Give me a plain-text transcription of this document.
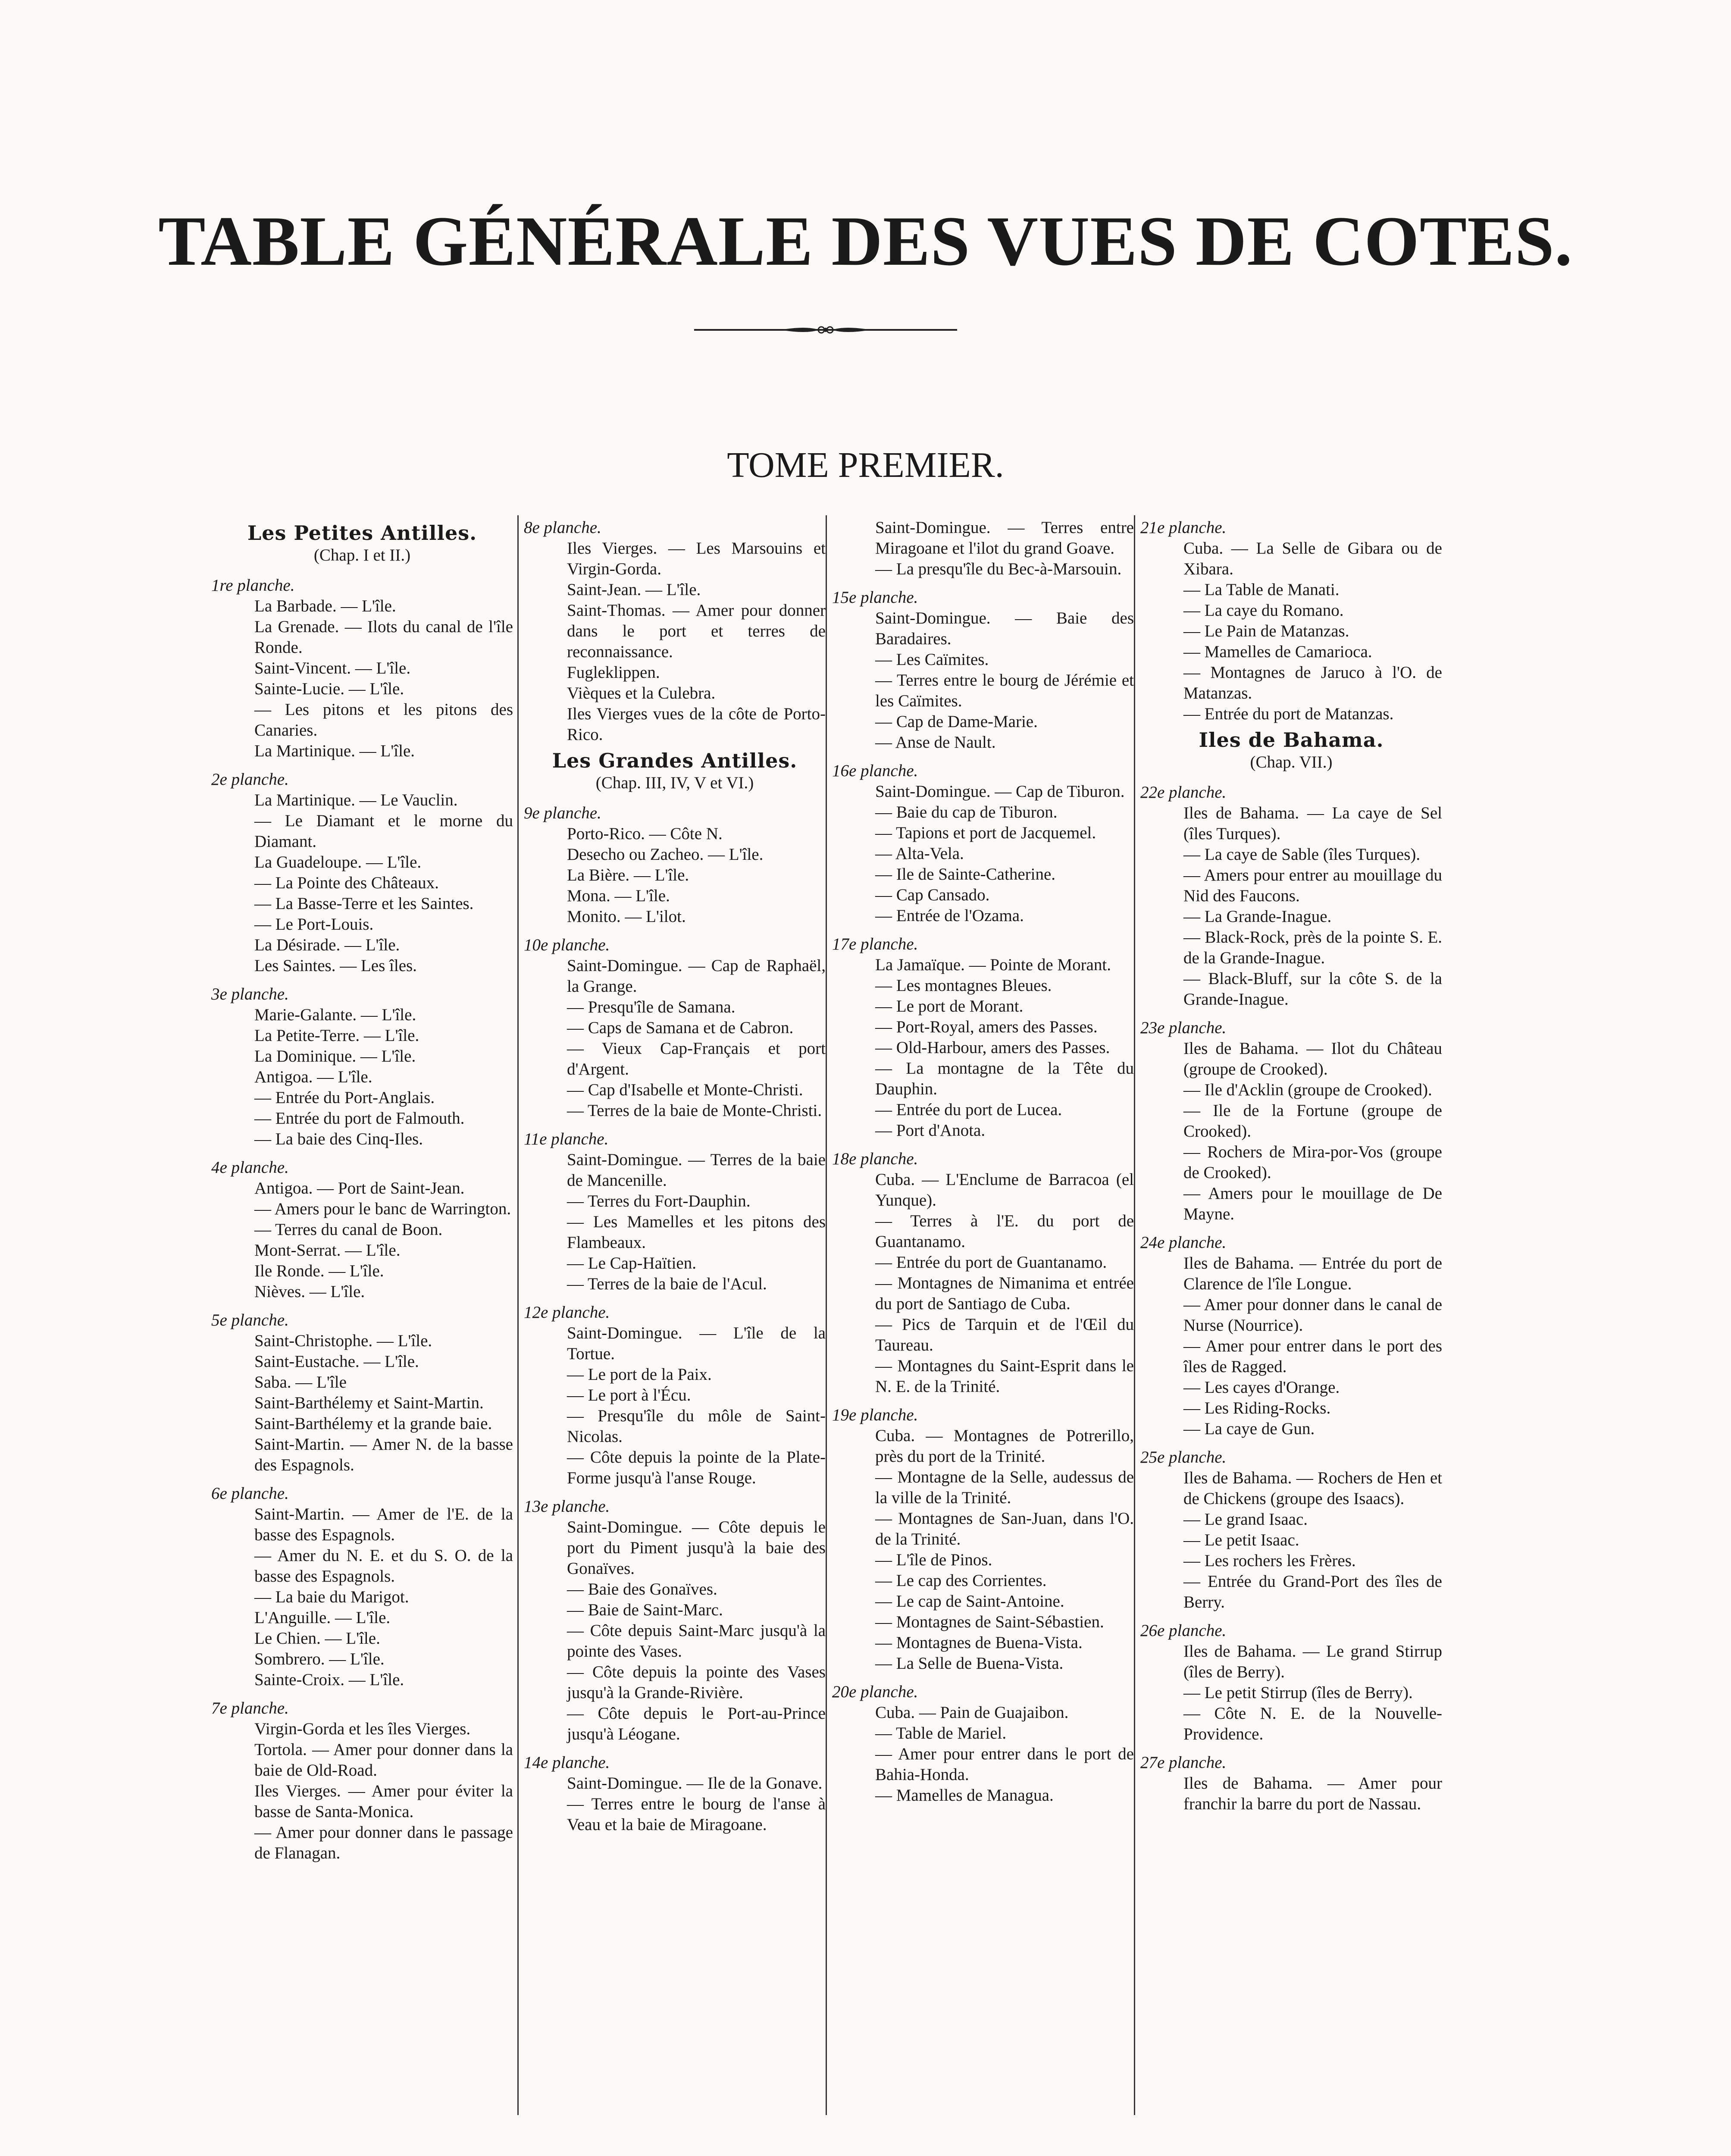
TABLE GÉNÉRALE DES VUES DE COTES.
TOME PREMIER.
Les Petites Antilles.
(Chap. I et II.)
1re planche.
La Barbade. — L'île.
La Grenade. — Ilots du canal de l'île Ronde.
Saint-Vincent. — L'île.
Sainte-Lucie. — L'île.
— Les pitons et les pitons des Canaries.
La Martinique. — L'île.
2e planche.
La Martinique. — Le Vauclin.
— Le Diamant et le morne du Diamant.
La Guadeloupe. — L'île.
— La Pointe des Châteaux.
— La Basse-Terre et les Saintes.
— Le Port-Louis.
La Désirade. — L'île.
Les Saintes. — Les îles.
3e planche.
Marie-Galante. — L'île.
La Petite-Terre. — L'île.
La Dominique. — L'île.
Antigoa. — L'île.
— Entrée du Port-Anglais.
— Entrée du port de Falmouth.
— La baie des Cinq-Iles.
4e planche.
Antigoa. — Port de Saint-Jean.
— Amers pour le banc de Warrington.
— Terres du canal de Boon.
Mont-Serrat. — L'île.
Ile Ronde. — L'île.
Nièves. — L'île.
5e planche.
Saint-Christophe. — L'île.
Saint-Eustache. — L'île.
Saba. — L'île
Saint-Barthélemy et Saint-Martin.
Saint-Barthélemy et la grande baie.
Saint-Martin. — Amer N. de la basse des Espagnols.
6e planche.
Saint-Martin. — Amer de l'E. de la basse des Espagnols.
— Amer du N. E. et du S. O. de la basse des Espagnols.
— La baie du Marigot.
L'Anguille. — L'île.
Le Chien. — L'île.
Sombrero. — L'île.
Sainte-Croix. — L'île.
7e planche.
Virgin-Gorda et les îles Vierges.
Tortola. — Amer pour donner dans la baie de Old-Road.
Iles Vierges. — Amer pour éviter la basse de Santa-Monica.
— Amer pour donner dans le passage de Flanagan.
8e planche.
Iles Vierges. — Les Marsouins et Virgin-Gorda.
Saint-Jean. — L'île.
Saint-Thomas. — Amer pour donner dans le port et terres de reconnaissance.
Fugleklippen.
Vièques et la Culebra.
Iles Vierges vues de la côte de Porto-Rico.
Les Grandes Antilles.
(Chap. III, IV, V et VI.)
9e planche.
Porto-Rico. — Côte N.
Desecho ou Zacheo. — L'île.
La Bière. — L'île.
Mona. — L'île.
Monito. — L'ilot.
10e planche.
Saint-Domingue. — Cap de Raphaël, la Grange.
— Presqu'île de Samana.
— Caps de Samana et de Cabron.
— Vieux Cap-Français et port d'Argent.
— Cap d'Isabelle et Monte-Christi.
— Terres de la baie de Monte-Christi.
11e planche.
Saint-Domingue. — Terres de la baie de Mancenille.
— Terres du Fort-Dauphin.
— Les Mamelles et les pitons des Flambeaux.
— Le Cap-Haïtien.
— Terres de la baie de l'Acul.
12e planche.
Saint-Domingue. — L'île de la Tortue.
— Le port de la Paix.
— Le port à l'Écu.
— Presqu'île du môle de Saint-Nicolas.
— Côte depuis la pointe de la Plate-Forme jusqu'à l'anse Rouge.
13e planche.
Saint-Domingue. — Côte depuis le port du Piment jusqu'à la baie des Gonaïves.
— Baie des Gonaïves.
— Baie de Saint-Marc.
— Côte depuis Saint-Marc jusqu'à la pointe des Vases.
— Côte depuis la pointe des Vases jusqu'à la Grande-Rivière.
— Côte depuis le Port-au-Prince jusqu'à Léogane.
14e planche.
Saint-Domingue. — Ile de la Gonave.
— Terres entre le bourg de l'anse à Veau et la baie de Miragoane.
Saint-Domingue. — Terres entre Miragoane et l'ilot du grand Goave.
— La presqu'île du Bec-à-Marsouin.
15e planche.
Saint-Domingue. — Baie des Baradaires.
— Les Caïmites.
— Terres entre le bourg de Jérémie et les Caïmites.
— Cap de Dame-Marie.
— Anse de Nault.
16e planche.
Saint-Domingue. — Cap de Tiburon.
— Baie du cap de Tiburon.
— Tapions et port de Jacquemel.
— Alta-Vela.
— Ile de Sainte-Catherine.
— Cap Cansado.
— Entrée de l'Ozama.
17e planche.
La Jamaïque. — Pointe de Morant.
— Les montagnes Bleues.
— Le port de Morant.
— Port-Royal, amers des Passes.
— Old-Harbour, amers des Passes.
— La montagne de la Tête du Dauphin.
— Entrée du port de Lucea.
— Port d'Anota.
18e planche.
Cuba. — L'Enclume de Barracoa (el Yunque).
— Terres à l'E. du port de Guantanamo.
— Entrée du port de Guantanamo.
— Montagnes de Nimanima et entrée du port de Santiago de Cuba.
— Pics de Tarquin et de l'Œil du Taureau.
— Montagnes du Saint-Esprit dans le N. E. de la Trinité.
19e planche.
Cuba. — Montagnes de Potrerillo, près du port de la Trinité.
— Montagne de la Selle, audessus de la ville de la Trinité.
— Montagnes de San-Juan, dans l'O. de la Trinité.
— L'île de Pinos.
— Le cap des Corrientes.
— Le cap de Saint-Antoine.
— Montagnes de Saint-Sébastien.
— Montagnes de Buena-Vista.
— La Selle de Buena-Vista.
20e planche.
Cuba. — Pain de Guajaibon.
— Table de Mariel.
— Amer pour entrer dans le port de Bahia-Honda.
— Mamelles de Managua.
21e planche.
Cuba. — La Selle de Gibara ou de Xibara.
— La Table de Manati.
— La caye du Romano.
— Le Pain de Matanzas.
— Mamelles de Camarioca.
— Montagnes de Jaruco à l'O. de Matanzas.
— Entrée du port de Matanzas.
Iles de Bahama.
(Chap. VII.)
22e planche.
Iles de Bahama. — La caye de Sel (îles Turques).
— La caye de Sable (îles Turques).
— Amers pour entrer au mouillage du Nid des Faucons.
— La Grande-Inague.
— Black-Rock, près de la pointe S. E. de la Grande-Inague.
— Black-Bluff, sur la côte S. de la Grande-Inague.
23e planche.
Iles de Bahama. — Ilot du Château (groupe de Crooked).
— Ile d'Acklin (groupe de Crooked).
— Ile de la Fortune (groupe de Crooked).
— Rochers de Mira-por-Vos (groupe de Crooked).
— Amers pour le mouillage de De Mayne.
24e planche.
Iles de Bahama. — Entrée du port de Clarence de l'île Longue.
— Amer pour donner dans le canal de Nurse (Nourrice).
— Amer pour entrer dans le port des îles de Ragged.
— Les cayes d'Orange.
— Les Riding-Rocks.
— La caye de Gun.
25e planche.
Iles de Bahama. — Rochers de Hen et de Chickens (groupe des Isaacs).
— Le grand Isaac.
— Le petit Isaac.
— Les rochers les Frères.
— Entrée du Grand-Port des îles de Berry.
26e planche.
Iles de Bahama. — Le grand Stirrup (îles de Berry).
— Le petit Stirrup (îles de Berry).
— Côte N. E. de la Nouvelle-Providence.
27e planche.
Iles de Bahama. — Amer pour franchir la barre du port de Nassau.
